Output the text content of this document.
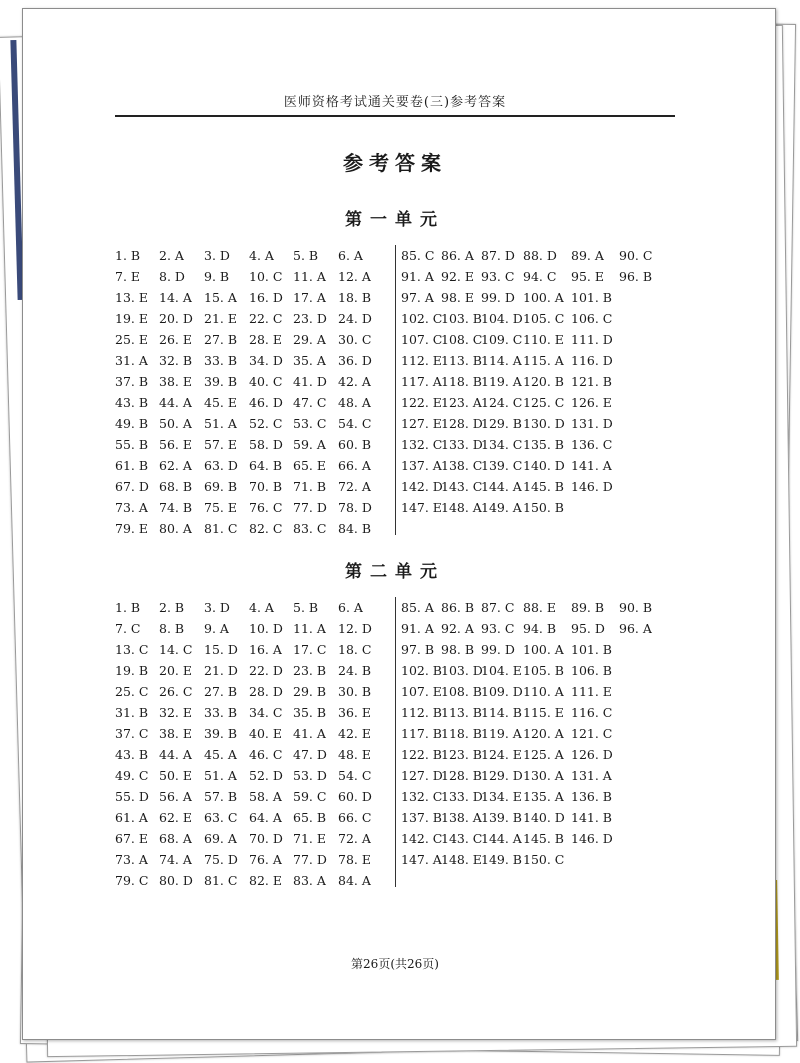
医师资格考试通关要卷(三)参考答案
参考答案
第一单元
1. B 2. A 3. D 4. A 5. B 6. A
7. E 8. D 9. B 10. C 11. A 12. A
13. E 14. A 15. A 16. D 17. A 18. B
19. E 20. D 21. E 22. C 23. D 24. D
25. E 26. E 27. B 28. E 29. A 30. C
31. A 32. B 33. B 34. D 35. A 36. D
37. B 38. E 39. B 40. C 41. D 42. A
43. B 44. A 45. E 46. D 47. C 48. A
49. B 50. A 51. A 52. C 53. C 54. C
55. B 56. E 57. E 58. D 59. A 60. B
61. B 62. A 63. D 64. B 65. E 66. A
67. D 68. B 69. B 70. B 71. B 72. A
73. A 74. B 75. E 76. C 77. D 78. D
79. E 80. A 81. C 82. C 83. C 84. B
85. C 86. A 87. D 88. D 89. A 90. C
91. A 92. E 93. C 94. C 95. E 96. B
97. A 98. E 99. D 100. A 101. B
102. C
103. B 104. D 105. C 106. C
107. C
108. C
109. C 110. E 111. D
112. E 113. B 114. A 115. A 116. D
117. A 118. B 119. A 120. B 121. B
122. E 123. A 124. C 125. C 126. E
127. E 128. D
129. B 130. D 131. D
132. C
133. D
134. C 135. B 136. C
137. A 138. C
139. C 140. D 141. A
142. D
143. C
144. A 145. B 146. D
147. E 148. A 149. A 150. B
第二单元
1. B 2. B 3. D 4. A 5. B 6. A
7. C 8. B 9. A 10. D 11. A 12. D
13. C 14. C 15. D 16. A 17. C 18. C
19. B 20. E 21. D 22. D 23. B 24. B
25. C 26. C 27. B 28. D 29. B 30. B
31. B 32. E 33. B 34. C 35. B 36. E
37. C 38. E 39. B 40. E 41. A 42. E
43. B 44. A 45. A 46. C 47. D 48. E
49. C 50. E 51. A 52. D 53. D 54. C
55. D 56. A 57. B 58. A 59. C 60. D
61. A 62. E 63. C 64. A 65. B 66. C
67. E 68. A 69. A 70. D 71. E 72. A
73. A 74. A 75. D 76. A 77. D 78. E
79. C 80. D 81. C 82. E 83. A 84. A
85. A 86. B 87. C 88. E 89. B 90. B
91. A 92. A 93. C 94. B 95. D 96. A
97. B 98. B 99. D 100. A 101. B
102. B 103. D
104. E 105. B 106. B
107. E 108. B 109. D 110. A 111. E
112. B 113. B 114. B 115. E 116. C
117. B 118. B 119. A 120. A 121. C
122. B 123. B 124. E 125. A 126. D
127. D
128. B 129. D 130. A 131. A
132. C
133. D
134. E 135. A 136. B
137. B 138. A 139. B 140. D 141. B
142. C
143. C
144. A 145. B 146. D
147. A 148. E 149. B 150. C
第26页(共26页)
